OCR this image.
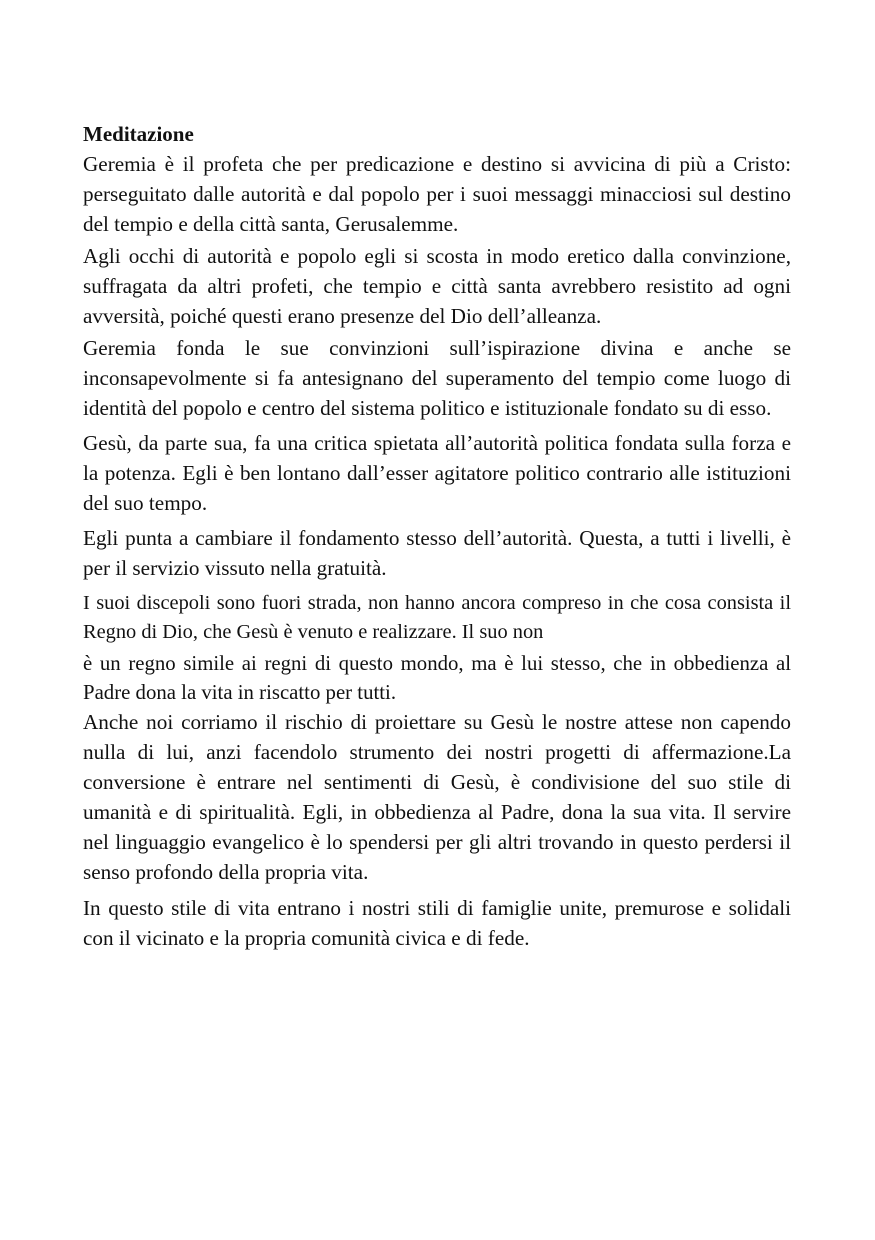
Meditazione

Geremia è il profeta che per predicazione e destino si avvicina di più a Cristo: perseguitato dalle autorità e dal popolo per i suoi messaggi minacciosi sul destino del tempio e della città santa, Gerusalemme.

Agli occhi di autorità e popolo egli si scosta in modo eretico dalla convinzione, suffragata da altri profeti, che tempio e città santa avrebbero resistito ad ogni avversità, poiché questi erano presenze del Dio dell’alleanza.

Geremia fonda le sue convinzioni sull’ispirazione divina e anche se inconsapevolmente si fa antesignano del superamento del tempio come luogo di identità del popolo e centro del sistema politico e istituzionale fondato su di esso.

Gesù, da parte sua, fa una critica spietata all’autorità politica fondata sulla forza e la potenza. Egli è ben lontano dall’esser agitatore politico contrario alle istituzioni del suo tempo.

Egli punta a cambiare il fondamento stesso dell’autorità. Questa, a tutti i livelli, è per il servizio vissuto nella gratuità.

I suoi discepoli sono fuori strada, non hanno ancora compreso in che cosa consista il Regno di Dio, che Gesù è venuto e realizzare. Il suo non

è un regno simile ai regni di questo mondo, ma è lui stesso, che in obbedienza al Padre dona la vita in riscatto per tutti.

Anche noi corriamo il rischio di proiettare su Gesù le nostre attese non capendo nulla di lui, anzi facendolo strumento dei nostri progetti di affermazione.La conversione è entrare nel sentimenti di Gesù, è condivisione del suo stile di umanità e di spiritualità. Egli, in obbedienza al Padre, dona la sua vita. Il servire nel linguaggio evangelico è lo spendersi per gli altri trovando in questo perdersi il senso profondo della propria vita.

In questo stile di vita entrano i nostri stili di famiglie unite, premurose e solidali con il vicinato e la propria comunità civica e di fede.
